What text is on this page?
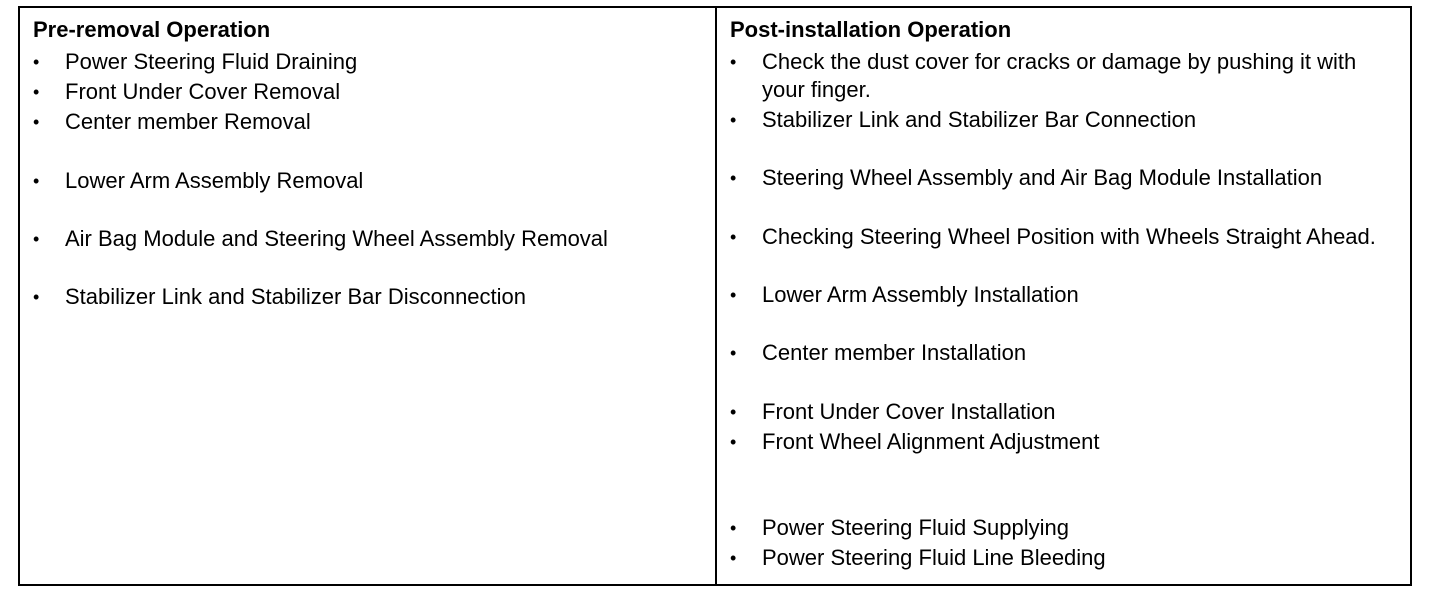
Pre-removal Operation
•	Power Steering Fluid Draining
•	Front Under Cover Removal
•	Center member Removal
•	Lower Arm Assembly Removal
•	Air Bag Module and Steering Wheel Assembly Removal
•	Stabilizer Link and Stabilizer Bar Disconnection
Post-installation Operation
•	Check the dust cover for cracks or damage by pushing it with your finger.
•	Stabilizer Link and Stabilizer Bar Connection
•	Steering Wheel Assembly and Air Bag Module Installation
•	Checking Steering Wheel Position with Wheels Straight Ahead.
•	Lower Arm Assembly Installation
•	Center member Installation
•	Front Under Cover Installation
•	Front Wheel Alignment Adjustment
•	Power Steering Fluid Supplying
•	Power Steering Fluid Line Bleeding
